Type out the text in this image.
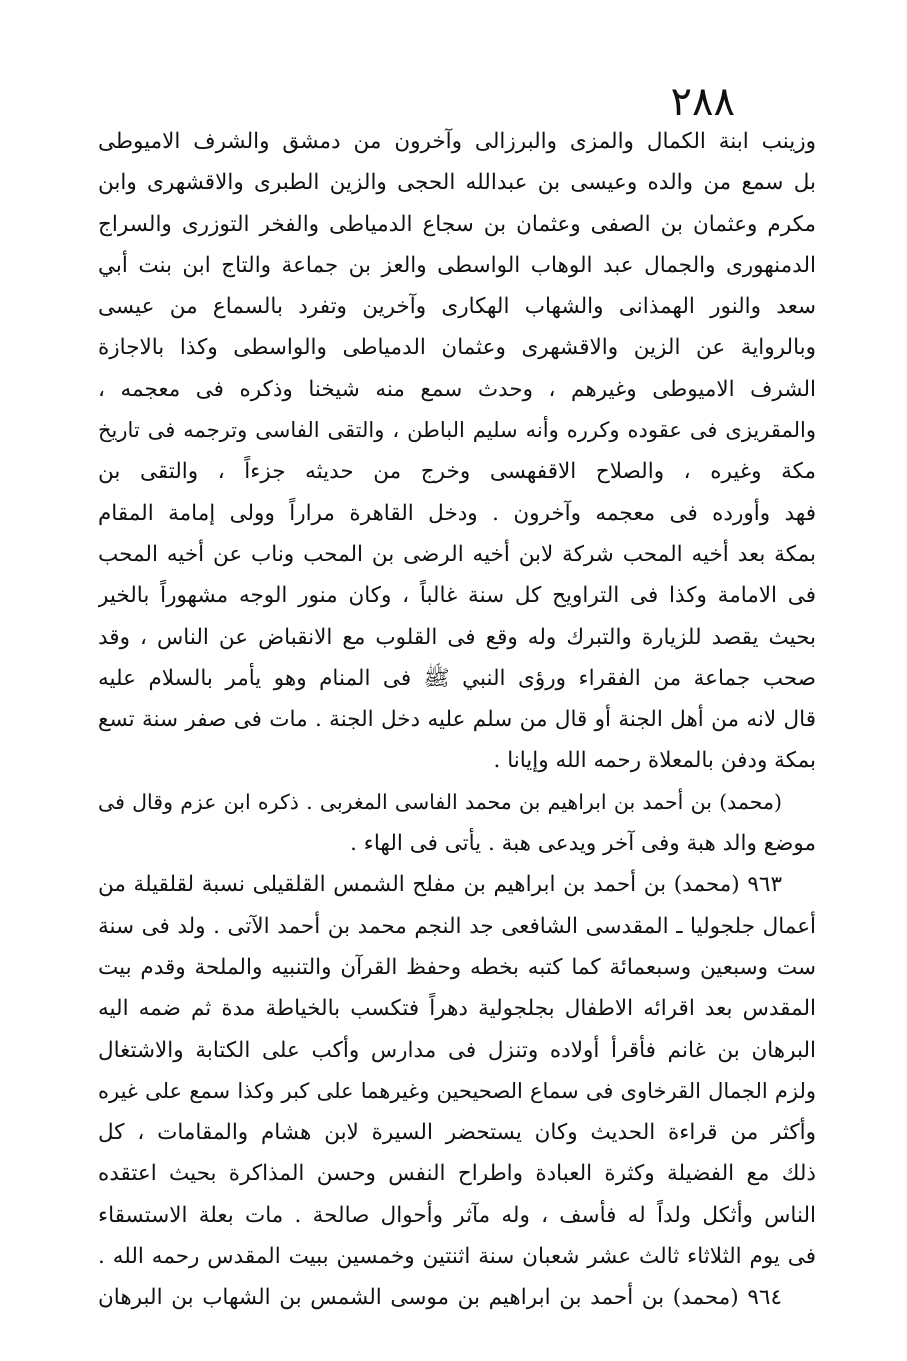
٢٨٨
وزينب ابنة الكمال والمزى والبرزالى وآخرون من دمشق والشرف الاميوطى
بل سمع من والده وعيسى بن عبدالله الحجى والزين الطبرى والاقشهرى وابن
مكرم وعثمان بن الصفى وعثمان بن سجاع الدمياطى والفخر التوزرى والسراج
الدمنهورى والجمال عبد الوهاب الواسطى والعز بن جماعة والتاج ابن بنت أبي
سعد والنور الهمذانى والشهاب الهكارى وآخرين وتفرد بالسماع من عيسى
وبالرواية عن الزين والاقشهرى وعثمان الدمياطى والواسطى وكذا بالاجازة
الشرف الاميوطى وغيرهم ، وحدث سمع منه شيخنا وذكره فى معجمه ،
والمقريزى فى عقوده وكرره وأنه سليم الباطن ، والتقى الفاسى وترجمه فى تاريخ
مكة وغيره ، والصلاح الاقفهسى وخرج من حديثه جزءاً ، والتقى بن
فهد وأورده فى معجمه وآخرون . ودخل القاهرة مراراً وولى إمامة المقام
بمكة بعد أخيه المحب شركة لابن أخيه الرضى بن المحب وناب عن أخيه المحب
فى الامامة وكذا فى التراويح كل سنة غالباً ، وكان منور الوجه مشهوراً بالخير
بحيث يقصد للزيارة والتبرك وله وقع فى القلوب مع الانقباض عن الناس ، وقد
صحب جماعة من الفقراء ورؤى النبي ﷺ فى المنام وهو يأمر بالسلام عليه
قال لانه من أهل الجنة أو قال من سلم عليه دخل الجنة . مات فى صفر سنة تسع
بمكة ودفن بالمعلاة رحمه الله وإيانا .
(محمد) بن أحمد بن ابراهيم بن محمد الفاسى المغربى . ذكره ابن عزم وقال فى
موضع والد هبة وفى آخر ويدعى هبة . يأتى فى الهاء .
٩٦٣ (محمد) بن أحمد بن ابراهيم بن مفلح الشمس القلقيلى نسبة لقلقيلة من
أعمال جلجوليا ـ المقدسى الشافعى جد النجم محمد بن أحمد الآتى . ولد فى سنة
ست وسبعين وسبعمائة كما كتبه بخطه وحفظ القرآن والتنبيه والملحة وقدم بيت
المقدس بعد اقرائه الاطفال بجلجولية دهراً فتكسب بالخياطة مدة ثم ضمه اليه
البرهان بن غانم فأقرأ أولاده وتنزل فى مدارس وأكب على الكتابة والاشتغال
ولزم الجمال القرخاوى فى سماع الصحيحين وغيرهما على كبر وكذا سمع على غيره
وأكثر من قراءة الحديث وكان يستحضر السيرة لابن هشام والمقامات ، كل
ذلك مع الفضيلة وكثرة العبادة واطراح النفس وحسن المذاكرة بحيث اعتقده
الناس وأثكل ولداً له فأسف ، وله مآثر وأحوال صالحة . مات بعلة الاستسقاء
فى يوم الثلاثاء ثالث عشر شعبان سنة اثنتين وخمسين ببيت المقدس رحمه الله .
٩٦٤ (محمد) بن أحمد بن ابراهيم بن موسى الشمس بن الشهاب بن البرهان
